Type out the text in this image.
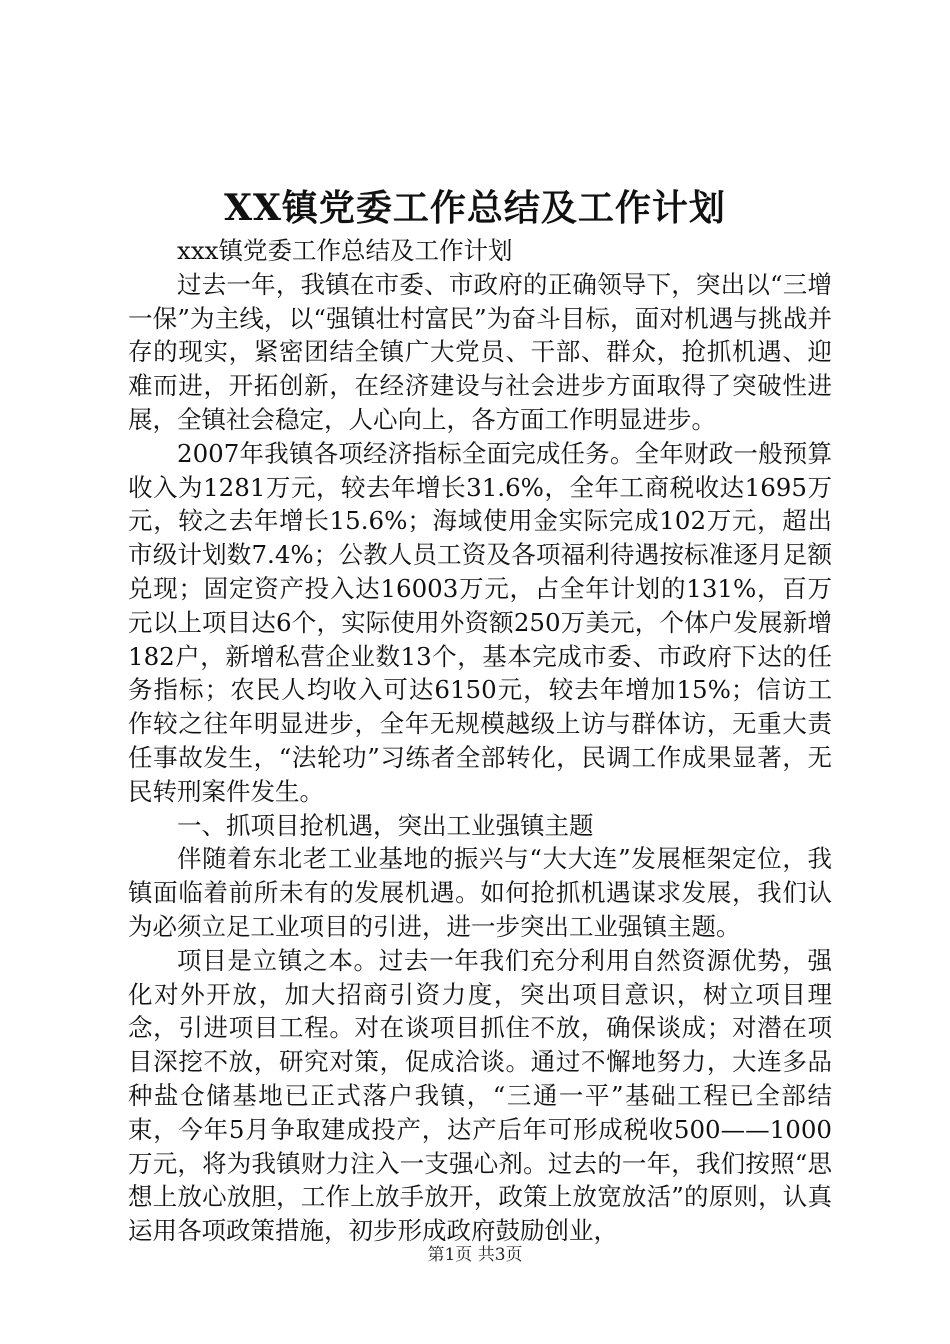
XX镇党委工作总结及工作计划

xxx镇党委工作总结及工作计划

过去一年，我镇在市委、市政府的正确领导下，突出以“三增一保”为主线，以“强镇壮村富民”为奋斗目标，面对机遇与挑战并存的现实，紧密团结全镇广大党员、干部、群众，抢抓机遇、迎难而进，开拓创新，在经济建设与社会进步方面取得了突破性进展，全镇社会稳定，人心向上，各方面工作明显进步。

2007年我镇各项经济指标全面完成任务。全年财政一般预算收入为1281万元，较去年增长31.6%，全年工商税收达1695万元，较之去年增长15.6%；海域使用金实际完成102万元，超出市级计划数7.4%；公教人员工资及各项福利待遇按标准逐月足额兑现；固定资产投入达16003万元，占全年计划的131%，百万元以上项目达6个，实际使用外资额250万美元，个体户发展新增182户，新增私营企业数13个，基本完成市委、市政府下达的任务指标；农民人均收入可达6150元，较去年增加15%；信访工作较之往年明显进步，全年无规模越级上访与群体访，无重大责任事故发生，“法轮功”习练者全部转化，民调工作成果显著，无民转刑案件发生。

一、抓项目抢机遇，突出工业强镇主题

伴随着东北老工业基地的振兴与“大大连”发展框架定位，我镇面临着前所未有的发展机遇。如何抢抓机遇谋求发展，我们认为必须立足工业项目的引进，进一步突出工业强镇主题。

项目是立镇之本。过去一年我们充分利用自然资源优势，强化对外开放，加大招商引资力度，突出项目意识，树立项目理念，引进项目工程。对在谈项目抓住不放，确保谈成；对潜在项目深挖不放，研究对策，促成洽谈。通过不懈地努力，大连多品种盐仓储基地已正式落户我镇，“三通一平”基础工程已全部结束，今年5月争取建成投产，达产后年可形成税收500——1000万元，将为我镇财力注入一支强心剂。过去的一年，我们按照“思想上放心放胆，工作上放手放开，政策上放宽放活”的原则，认真运用各项政策措施，初步形成政府鼓励创业，

第1页 共3页
